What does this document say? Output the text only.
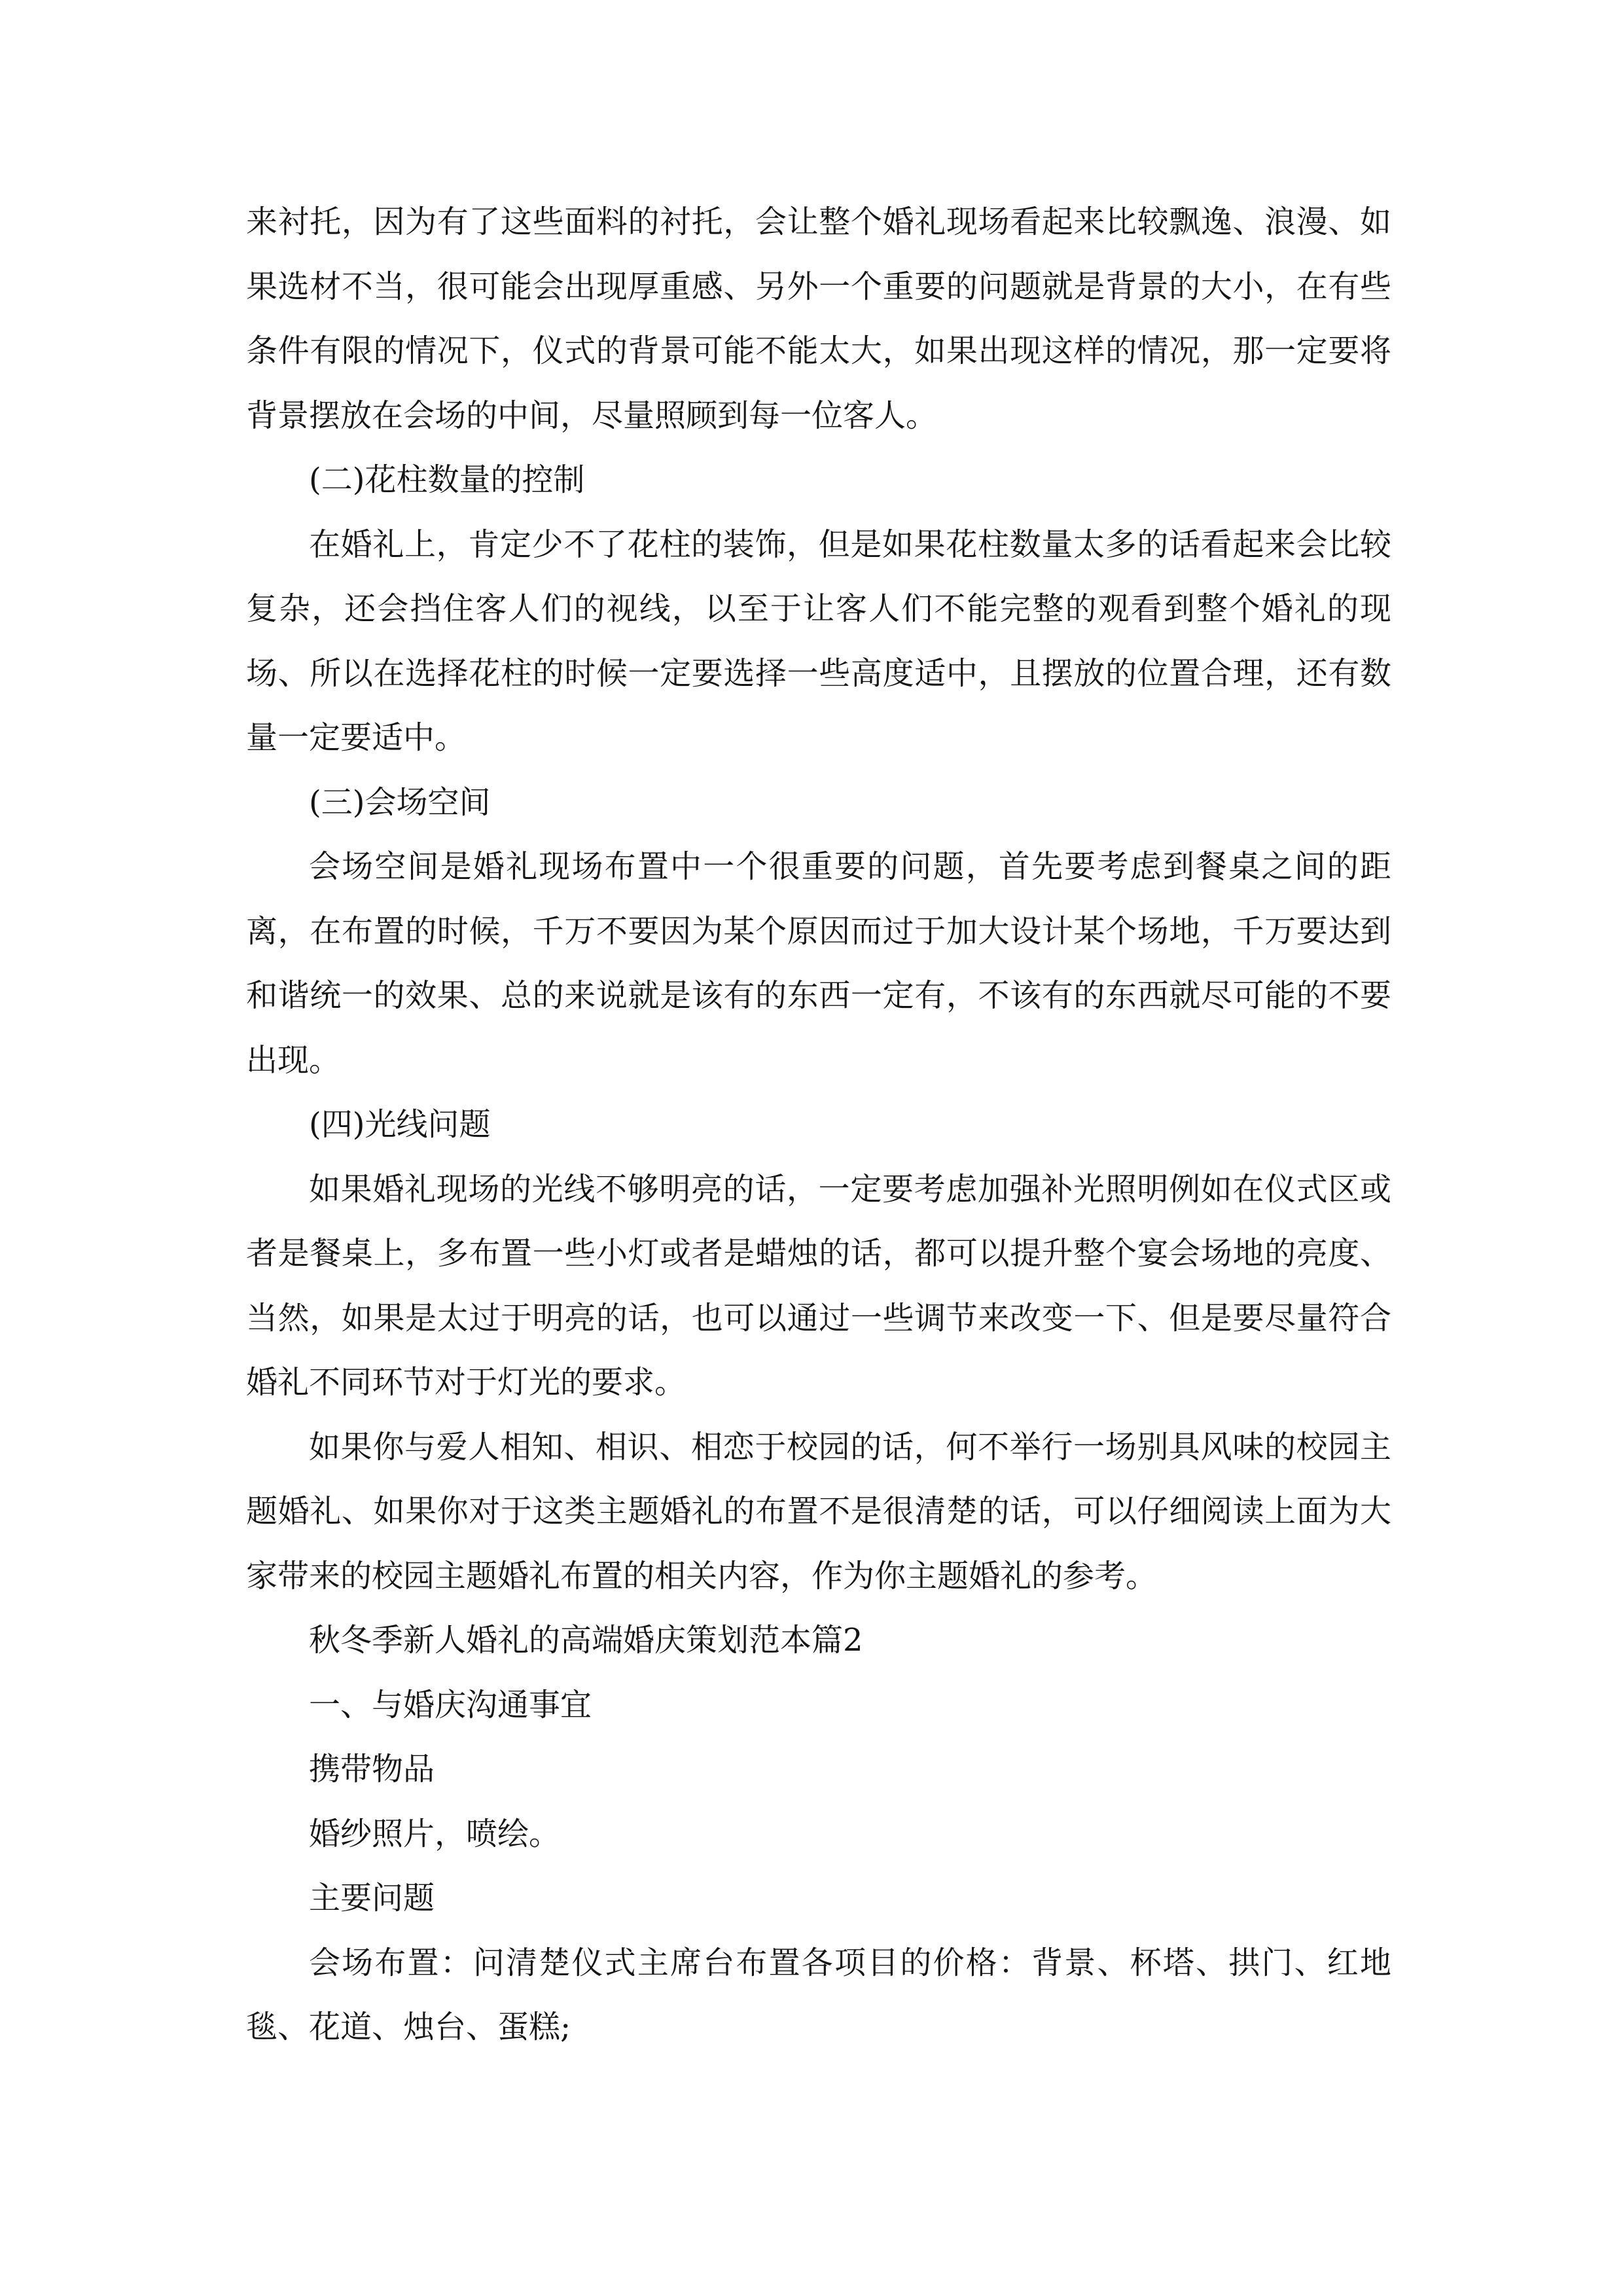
来衬托，因为有了这些面料的衬托，会让整个婚礼现场看起来比较飘逸、浪漫、如果选材不当，很可能会出现厚重感、另外一个重要的问题就是背景的大小，在有些条件有限的情况下，仪式的背景可能不能太大，如果出现这样的情况，那一定要将背景摆放在会场的中间，尽量照顾到每一位客人。

(二)花柱数量的控制

在婚礼上，肯定少不了花柱的装饰，但是如果花柱数量太多的话看起来会比较复杂，还会挡住客人们的视线，以至于让客人们不能完整的观看到整个婚礼的现场、所以在选择花柱的时候一定要选择一些高度适中，且摆放的位置合理，还有数量一定要适中。

(三)会场空间

会场空间是婚礼现场布置中一个很重要的问题，首先要考虑到餐桌之间的距离，在布置的时候，千万不要因为某个原因而过于加大设计某个场地，千万要达到和谐统一的效果、总的来说就是该有的东西一定有，不该有的东西就尽可能的不要出现。

(四)光线问题

如果婚礼现场的光线不够明亮的话，一定要考虑加强补光照明例如在仪式区或者是餐桌上，多布置一些小灯或者是蜡烛的话，都可以提升整个宴会场地的亮度、当然，如果是太过于明亮的话，也可以通过一些调节来改变一下、但是要尽量符合婚礼不同环节对于灯光的要求。

如果你与爱人相知、相识、相恋于校园的话，何不举行一场别具风味的校园主题婚礼、如果你对于这类主题婚礼的布置不是很清楚的话，可以仔细阅读上面为大家带来的校园主题婚礼布置的相关内容，作为你主题婚礼的参考。

秋冬季新人婚礼的高端婚庆策划范本篇2

一、与婚庆沟通事宜

携带物品

婚纱照片，喷绘。

主要问题

会场布置：问清楚仪式主席台布置各项目的价格：背景、杯塔、拱门、红地毯、花道、烛台、蛋糕;
